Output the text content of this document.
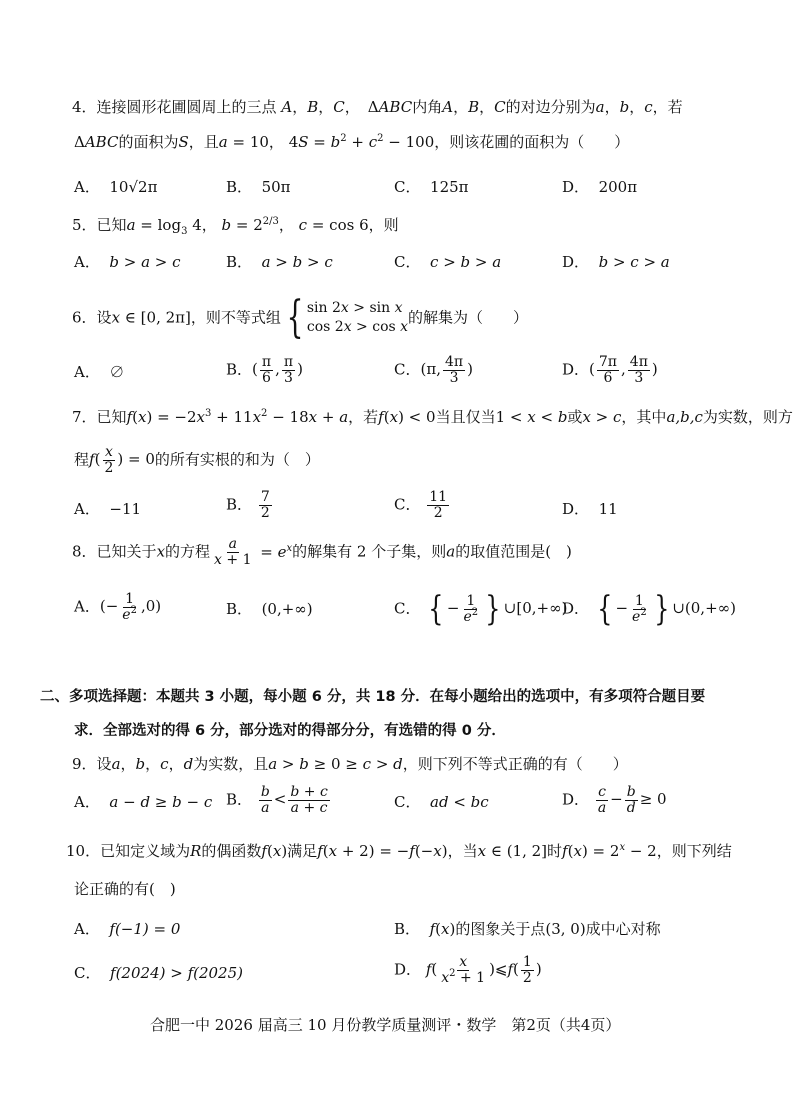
4．连接圆形花圃圆周上的三点 A，B，C， ΔABC内角A，B，C的对边分别为a，b，c，若
ΔABC的面积为S，且a = 10， $4S = b^2 + c^2 - 100$，则该花圃的面积为（　　）
A． 10√2π	B． 50π	C． 125π	D． 200π
5．已知$a = \log_3 4$， $b = 2^{2/3}$， c = cos 6，则
A． b > a > c	B． a > b > c	C． c > b > a	D． b > c > a
6．设x ∈ [0, 2π]，则不等式组 { sin 2x > sin x
cos 2x > cos x
的解集为（　　）
A． ∅	B．( $\frac{\pi}{6}$ , $\frac{\pi}{3}$ )	C．(π, $\frac{4\pi}{3}$ )	D．( $\frac{7\pi}{6}$ , $\frac{4\pi}{3}$ )
7．已知$f(x) = -2x^3 + 11x^2 - 18x + a$，若f(x) < 0当且仅当1 < x < b或x > c，其中a,b,c为实数，则方
程$f( \frac{x}{2}$ ) = 0的所有实根的和为（　）
A． −11	B． $\frac{7}{2}$	C． $\frac{11}{2}$	D． 11
8．已知关于x的方程 $\frac{a}{x + 1} = e^x$的解集有 2 个子集，则a的取值范围是(　)
A．(− $\frac{1}{e^2} ,0$)	B．  (0,+∞)	C． { − $\frac{1}{e^2}$ } ∪[0,+∞)
D． { − $\frac{1}{e^2}$ } ∪(0,+∞)
二、多项选择题：本题共 3 小题，每小题 6 分，共 18 分．在每小题给出的选项中，有多项符合题目要
求．全部选对的得 6 分，部分选对的得部分分，有选错的得 0 分．
9．设a，b，c，d为实数，且a > b ≥ 0 ≥ c > d，则下列不等式正确的有（　　）
A． a − d ≥ b − c B． $\frac{b}{a} < \frac{b + c}{a + c}$	C． ad < bc	D． $\frac{c}{a} - \frac{b}{d} \ge 0$
10．已知定义域为R的偶函数f(x)满足f(x + 2) = −f(−x)，当x ∈ (1, 2]时$f(x) = 2^x - 2$，则下列结
论正确的有(　)
A． f(−1) = 0	B． f(x)的图象关于点(3, 0)成中心对称
C． f(2024) > f(2025)	D． $f( \frac{x}{x^2 + 1}$ )⩽f( $\frac{1}{2}$ )
合肥一中 2026 届高三 10 月份教学质量测评・数学　第2页（共4页）
